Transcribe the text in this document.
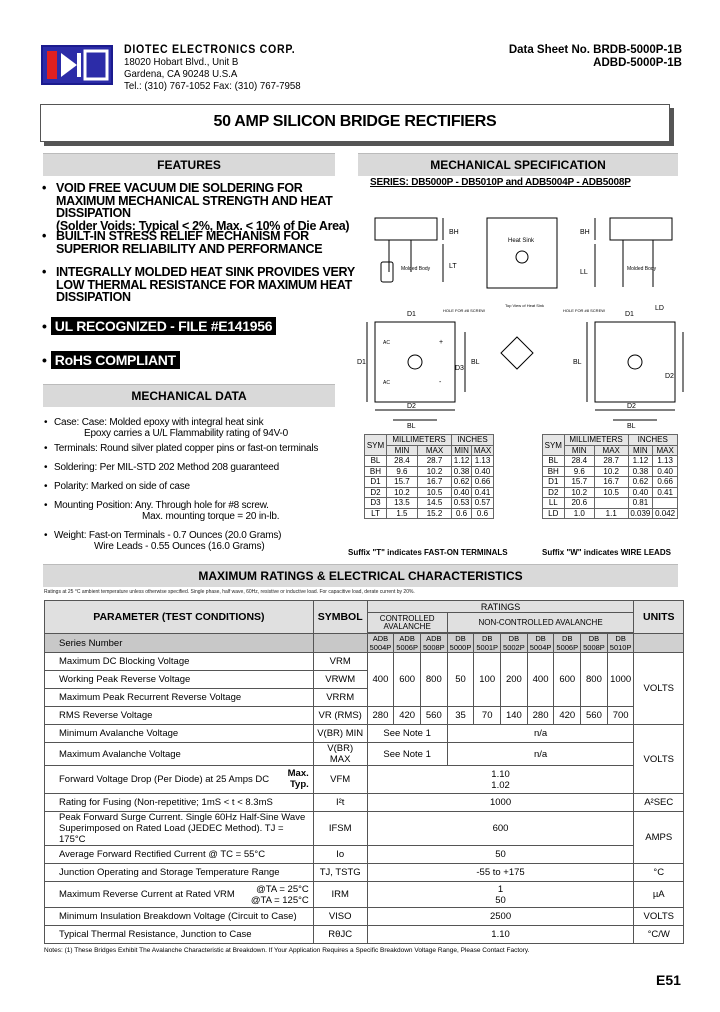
DIOTEC ELECTRONICS CORP.
18020 Hobart Blvd., Unit B
Gardena, CA 90248 U.S.A
Tel.: (310) 767-1052 Fax: (310) 767-7958
Data Sheet No. BRDB-5000P-1B
ADBD-5000P-1B
50 AMP SILICON BRIDGE RECTIFIERS
FEATURES
• VOID FREE VACUUM DIE SOLDERING FOR MAXIMUM MECHANICAL STRENGTH AND HEAT DISSIPATION
(Solder Voids: Typical < 2%, Max. < 10% of Die Area)
• BUILT-IN STRESS RELIEF MECHANISM FOR SUPERIOR RELIABILITY AND PERFORMANCE
• INTEGRALLY MOLDED HEAT SINK PROVIDES VERY LOW THERMAL RESISTANCE FOR MAXIMUM HEAT DISSIPATION
• UL RECOGNIZED - FILE #E141956
• RoHS COMPLIANT
MECHANICAL DATA
• Case: Case: Molded epoxy with integral heat sink
Epoxy carries a U/L Flammability rating of 94V-0
• Terminals: Round silver plated copper pins or fast-on terminals
• Soldering: Per MIL-STD 202 Method 208 guaranteed
• Polarity: Marked on side of case
• Mounting Position: Any. Through hole for #8 screw.
Max. mounting torque = 20 in-lb.
• Weight: Fast-on Terminals - 0.7 Ounces (20.0 Grams)
Wire Leads - 0.55 Ounces (16.0 Grams)
MECHANICAL SPECIFICATION
SERIES: DB5000P - DB5010P and ADB5004P - ADB5008P
BH
LT
Molded Body
Heat Sink
HOLE FOR #8 SCREW
Top View of Heat Sink
BH
LL	Molded Body
LD
HOLE FOR #8 SCREW
D1
D1
D3
BL
D2
BL
AC
AC
+
-
D2
BL
BL
D1
D2
SYM	MILLIMETERS		INCHES	
	MIN	MAX	MIN	MAX
BL	28.4	28.7	1.12	1.13
BH	9.6	10.2	0.38	0.40
D1	15.7	16.7	0.62	0.66
D2	10.2	10.5	0.40	0.41
D3	13.5	14.5	0.53	0.57
LT	1.5	15.2	0.6	0.6
SYM	MILLIMETERS		INCHES	
	MIN	MAX	MIN	MAX
BL	28.4	28.7	1.12	1.13
BH	9.6	10.2	0.38	0.40
D1	15.7	16.7	0.62	0.66
D2	10.2	10.5	0.40	0.41
LL	20.6		0.81	
LD	1.0	1.1	0.039	0.042
Suffix "T" indicates FAST-ON TERMINALS	Suffix "W" indicates WIRE LEADS
MAXIMUM RATINGS & ELECTRICAL CHARACTERISTICS
Ratings at 25 °C ambient temperature unless otherwise specified. Single phase, half wave, 60Hz, resistive or inductive load. For capacitive load, derate current by 20%.
PARAMETER (TEST CONDITIONS)	SYMBOL	RATINGS										UNITS
		CONTROLLED AVALANCHE			NON-CONTROLLED AVALANCHE							

Series Number		ADB 5004P	ADB 5006P	ADB 5008P	DB 5000P	DB 5001P	DB 5002P	DB 5004P	DB 5006P	DB 5008P	DB 5010P	
Maximum DC Blocking Voltage	VRM	400	600	800	50	100	200	400	600	800	1000	VOLTS
Working Peak Reverse Voltage	VRWM											
Maximum Peak Recurrent Reverse Voltage	VRRM											
RMS Reverse Voltage	VR (RMS)	280	420	560	35	70	140	280	420	560	700	
Minimum Avalanche Voltage	V(BR) MIN	See Note 1			n/a							VOLTS
Maximum Avalanche Voltage	V(BR) MAX	See Note 1			n/a							
Forward Voltage Drop (Per Diode) at 25 Amps DC
Max.
Typ.	VFM	1.10
1.02										
Rating for Fusing (Non-repetitive; 1mS < t < 8.3mS	I²t	1000										A²SEC
Peak Forward Surge Current. Single 60Hz Half-Sine Wave Superimposed on Rated Load (JEDEC Method). TJ = 175°C	IFSM	600										AMPS
Average Forward Rectified Current @ TC = 55°C	Io	50										
Junction Operating and Storage Temperature Range	TJ, TSTG	-55 to +175										°C
Maximum Reverse Current at Rated VRM @TA = 25°C
@TA = 125°C	IRM	1
50										µA
Minimum Insulation Breakdown Voltage (Circuit to Case)	VISO	2500										VOLTS
Typical Thermal Resistance, Junction to Case	RθJC	1.10										°C/W
Notes: (1) These Bridges Exhibit The Avalanche Characteristic at Breakdown. If Your Application Requires a Specific Breakdown Voltage Range, Please Contact Factory.
E51
